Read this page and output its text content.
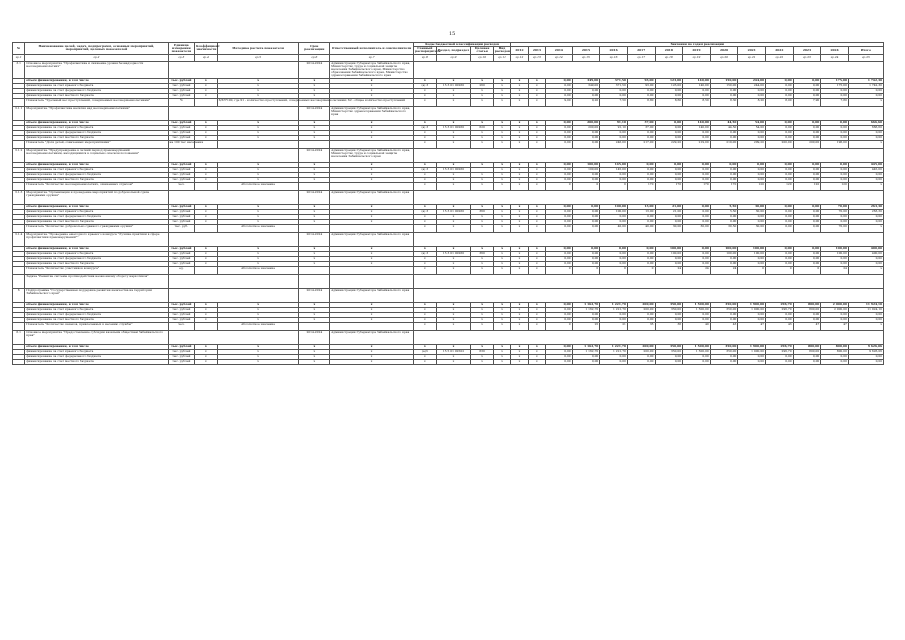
15
№	Наименование целей, задач, подпрограмм, основных мероприятий, мероприятий, целевых показателей	Единица измерения показателя	Коэффициент значимости	Методика расчета показателя	Срок реализации	Ответственный исполнитель и соисполнители	Коды бюджетной классификации расходов				Значения по годам реализации													
							Главный распорядитель	Раздел, подраздел	Целевая статья	Вид расходов	2012	2013	2014	2015	2016	2017	2018	2019	2020	2021	2022	2023	2024	Итого
гр.1	гр.2	гр.3	гр.4	гр.5	гр.6	гр.7	гр.8	гр.9	гр.10	гр.11	гр.12	гр.13	гр.14	гр.15	гр.16	гр.17	гр.18	гр.19	гр.20	гр.21	гр.22	гр.23	гр.24	гр.25
3.1	Основное мероприятие "Профилактика и снижение уровня безнадзорности несовершеннолетних"				2014-2024	Администрация Губернатора Забайкальского края, Министерство труда и социальной защиты населения Забайкальского края, Министерство образования Забайкальского края, Министерство здравоохранения Забайкальского края																		
	объем финансирования, в том числе	тыс. рублей	x	x	x	x	x	x	x	x	x	x	0,00	349,00	371,50	93,00	123,00	140,00	150,00	244,00	0,00	0,00	175,00	1 742,30
	финансирование за счет краевого бюджета	тыс. рублей	x	x	x	x	(а) 3	15 3 01 00260	260	x	x	x	0,00	349,00	371,50	93,00	123,00	140,00	150,00	244,00	0,00	0,00	175,00	1 742,30
	финансирование за счет федерального бюджета	тыс. рублей	x	x	x	x	x	x	x	x	x	x	0,00	0,00	0,00	0,00	0,00	0,00	0,00	0,00	0,00	0,00	0,00	0,00
	финансирование за счет местного бюджета	тыс. рублей	x	x	x	x	x	x	x	x	x	x	0,00	0,00	0,00	0,00	0,00	0,00	0,00	0,00	0,00	0,00	0,00	0,00
	Показатель "Удельный вес преступлений, совершенных несовершеннолетними"	%		Х/ХЗ*100, где Х1 - количество преступлений, совершенных несовершеннолетними; Х2 - общее количество преступлений			x	x	x	x	x	x	9,00	9,20	7,50	8,80	8,60	8,50	8,30	8,20	8,00	7,90	7,80	x
3.1.1	Мероприятие "Профилактика насилия над несовершеннолетними"				2014-2024	Администрация Губернатора Забайкальского края, Министерство здравоохранения Забайкальского края																		
	объем финансирования, в том числе	тыс. рублей	x	x	x	x	x	x	x	x	x	x	0,00	200,00	91,10	37,00	0,00	140,00	44,50	54,00	0,00	0,00	0,00	666,60
	финансирование за счет краевого бюджета	тыс. рублей	x	x	x	x	(а) 3	15 3 01 00260	620	x	x	x	0,00	200,00	91,10	37,00	0,00	140,00	44,50	54,00	0,00	0,00	0,00	666,60
	финансирование за счет федерального бюджета	тыс. рублей	x	x	x	x	x	x	x	x	x	x	0,00	0,00	0,00	0,00	0,00	0,00	0,00	0,00	0,00	0,00	0,00	0,00
	финансирование за счет местного бюджета	тыс. рублей	x	x	x	x	x	x	x	x	x	x	0,00	0,00	0,00	0,00	0,00	0,00	0,00	0,00	0,00	0,00	0,00	0,00
	Показатель "Доля детей, охваченных мероприятиями"	на 100 тыс населения					x	x	x	x	x	x	0,00	0,00	246,00	217,00	229,20	219,00	219,00	209,20	200,00	200,00	196,00	x
3.1.2	Мероприятие "Предупреждение в летний период правонарушений несовершеннолетними, находящимися в социально опасном положении"				2014-2024	Администрация Губернатора Забайкальского края, Министерство труда и социальной защиты населения Забайкальского края																		
	объем финансирования, в том числе	тыс. рублей	x	x	x	x	x	x	x	x	x	x	0,00	100,00	145,00	0,00	0,00	0,00	0,00	0,00	0,00	0,00	0,00	445,00
	финансирование за счет краевого бюджета	тыс. рублей	x	x	x	x	(а) 3	15 3 01 00260		x	x	x	0,00	100,00	145,00	0,00	0,00	0,00	0,00	0,00	0,00	0,00	0,00	445,00
	финансирование за счет федерального бюджета	тыс. рублей	x	x	x	x	x	x	x	x	x	x	0,00	0,00	0,00	0,00	0,00	0,00	0,00	0,00	0,00	0,00	0,00	0,00
	финансирование за счет местного бюджета	тыс. рублей	x	x	x	x	x	x	x	x	x	x	0,00	0,00	0,00	0,00	0,00	0,00	0,00	0,00	0,00	0,00	0,00	0,00
	Показатель "Количество несовершеннолетних, охваченных отдыхом"	чел.		Абсолютное значение			x	x	x	x	x	x	0	0	0	170	170	170	170	120	120	120	120	x
3.1.3	Мероприятие "Организация и проведение мероприятий по добровольной сдаче гражданами оружия"				2014-2024	Администрация Губернатора Забайкальского края																		
	объем финансирования, в том числе	тыс. рублей	x	x	x	x	x	x	x	x	x	x	0,00	0,00	100,00	13,00	21,00	0,00	5,50	30,00	0,00	0,00	70,00	263,30
	финансирование за счет краевого бюджета	тыс. рублей	x	x	x	x	(а) 3	15 3 01 00260	360	x	x	x	0,00	0,00	100,00	13,00	21,00	0,00	5,50	30,00	0,00	0,00	70,00	263,30
	финансирование за счет федерального бюджета	тыс. рублей	x	x	x	x	x	x	x	x	x	x	0,00	0,00	0,00	0,00	0,00	0,00	0,00	0,00	0,00	0,00	0,00	0,00
	финансирование за счет местного бюджета	тыс. рублей	x	x	x	x	x	x	x	x	x	x	0,00	0,00	0,00	0,00	0,00	0,00	0,00	0,00	0,00	0,00	0,00	0,00
	Показатель "Количество добровольно сданного гражданами оружия"	тыс. руб.		Абсолютное значение			x	x	x	x	x	x	0,00	0,00	40,00	40,00	30,00	30,00	30,50	30,00	0,00	0,00	70,00	x
3.1.4	Мероприятие "Проведение ежегодного краевого конкурса "Лучшие практики в сфере профилактики правонарушений""				2014-2024	Администрация Губернатора Забайкальского края																		
	объем финансирования, в том числе	тыс. рублей	x	x	x	x	x	x	x	x	x	x	0,00	0,00	0,00	0,00	100,00	0,00	100,00	100,00	0,00	0,00	100,00	400,00
	финансирование за счет краевого бюджета	тыс. рублей	x	x	x	x	(а) 3	15 3 01 00260	360	x	x	x	0,00	0,00	0,00	0,00	100,00	0,00	100,00	100,00	0,00	0,00	100,00	400,00
	финансирование за счет федерального бюджета	тыс. рублей	x	x	x	x	x	x	x	x	x	x	0,00	0,00	0,00	0,00	0,00	0,00	0,00	0,00	0,00	0,00	0,00	0,00
	финансирование за счет местного бюджета	тыс. рублей	x	x	x	x	x	x	x	x	x	x	0,00	0,00	0,00	0,00	0,00	0,00	0,00	0,00	0,00	0,00	0,00	0,00
	Показатель "Количество участников конкурса"	ед.		Абсолютное значение			x	x	x	x	x	x	0	0	0	0	24	24	24	0	0	0	24	x
	Задача "Развитие системы противодействия незаконному обороту наркотиков"																							
6	Подпрограмма "Государственная поддержка развития казачества на территории Забайкальского края"				2014-2024	Администрация Губернатора Забайкальского края																		
	объем финансирования, в том числе	тыс. рублей	x	x	x	x	x	x	x	x	x	x	0,00	1 162,70	1 221,70	200,00	350,00	1 500,00	350,00	1 900,00	296,70	800,00	2 000,00	11 924,10
	финансирование за счет краевого бюджета	тыс. рублей	x	x	x	x	x	x	x	x	x	x	0,00	1 162,70	1 221,70	200,00	350,00	1 500,00	350,00	1 900,00	296,70	800,00	2 000,00	11 924,10
	финансирование за счет федерального бюджета	тыс. рублей	x	x	x	x	x	x	x	x	x	x	0,00	0,00	0,00	0,00	0,00	0,00	0,00	0,00	0,00	0,00	0,00	0,00
	финансирование за счет местного бюджета	тыс. рублей	x	x	x	x	x	x	x	x	x	x	0,00	0,00	0,00	0,00	0,00	0,00	0,00	0,00	0,00	0,00	0,00	0,00
	Показатель "Количество казаков, привлеченных к несению службы"	чел.		Абсолютное значение			x	x	x	x	x	x	0	25	21	35	36	40	43	47	43	47	47	x
6.1	Основное мероприятие "Предоставление субсидии казачьим обществам Забайкальского края"				2014-2024	Администрация Губернатора Забайкальского края																		
	объем финансирования, в том числе	тыс. рублей	x	x	x	x	x	x	x	x	x	x	0,00	1 162,70	1 221,70	200,00	350,00	1 500,00	350,00	1 900,00	296,70	800,00	800,00	9 626,06
	финансирование за счет краевого бюджета	тыс. рублей	x	x	x	x	(а)3	15 5 01 02502	630	x	x	x	0,00	1 162,70	1 221,70	200,00	350,00	1 500,00	350,00	1 900,00	296,70	800,00	800,00	9 626,06
	финансирование за счет федерального бюджета	тыс. рублей	x	x	x	x	x	x	x	x	x	x	0,00	0,00	0,00	0,00	0,00	0,00	0,00	0,00	0,00	0,00	0,00	0,00
	финансирование за счет местного бюджета	тыс. рублей	x	x	x	x	x	x	x	x	x	x	0,00	0,00	0,00	0,00	0,00	0,00	0,00	0,00	0,00	0,00	0,00	0,00
